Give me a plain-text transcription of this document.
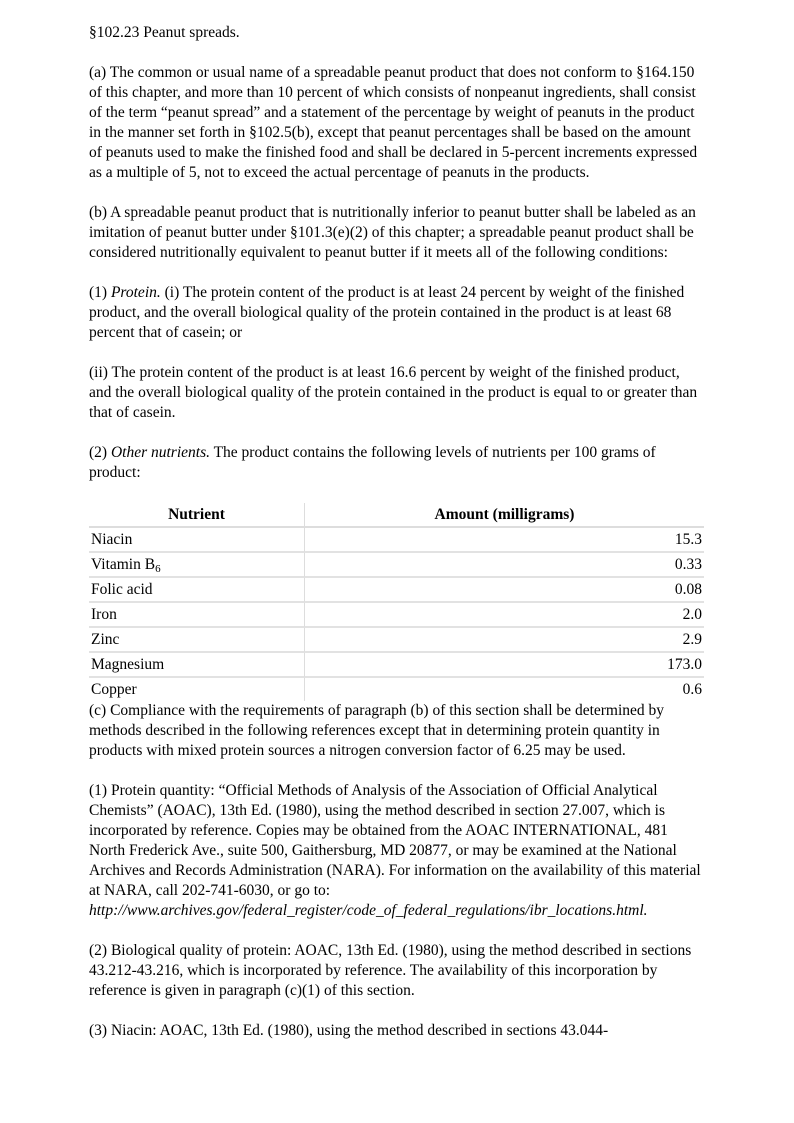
§102.23 Peanut spreads.

(a) The common or usual name of a spreadable peanut product that does not conform to §164.150 of this chapter, and more than 10 percent of which consists of nonpeanut ingredients, shall consist of the term “peanut spread” and a statement of the percentage by weight of peanuts in the product in the manner set forth in §102.5(b), except that peanut percentages shall be based on the amount of peanuts used to make the finished food and shall be declared in 5-percent increments expressed as a multiple of 5, not to exceed the actual percentage of peanuts in the products.

(b) A spreadable peanut product that is nutritionally inferior to peanut butter shall be labeled as an imitation of peanut butter under §101.3(e)(2) of this chapter; a spreadable peanut product shall be considered nutritionally equivalent to peanut butter if it meets all of the following conditions:

(1) Protein. (i) The protein content of the product is at least 24 percent by weight of the finished product, and the overall biological quality of the protein contained in the product is at least 68 percent that of casein; or

(ii) The protein content of the product is at least 16.6 percent by weight of the finished product, and the overall biological quality of the protein contained in the product is equal to or greater than that of casein.

(2) Other nutrients. The product contains the following levels of nutrients per 100 grams of product:

Nutrient	Amount (milligrams)
Niacin	15.3
Vitamin $B_6$	0.33
Folic acid	0.08
Iron	2.0
Zinc	2.9
Magnesium	173.0
Copper	0.6

(c) Compliance with the requirements of paragraph (b) of this section shall be determined by methods described in the following references except that in determining protein quantity in products with mixed protein sources a nitrogen conversion factor of 6.25 may be used.

(1) Protein quantity: “Official Methods of Analysis of the Association of Official Analytical Chemists” (AOAC), 13th Ed. (1980), using the method described in section 27.007, which is incorporated by reference. Copies may be obtained from the AOAC INTERNATIONAL, 481 North Frederick Ave., suite 500, Gaithersburg, MD 20877, or may be examined at the National Archives and Records Administration (NARA). For information on the availability of this material at NARA, call 202-741-6030, or go to: http://www.archives.gov/federal_register/code_of_federal_regulations/ibr_locations.html.

(2) Biological quality of protein: AOAC, 13th Ed. (1980), using the method described in sections 43.212-43.216, which is incorporated by reference. The availability of this incorporation by reference is given in paragraph (c)(1) of this section.

(3) Niacin: AOAC, 13th Ed. (1980), using the method described in sections 43.044-
